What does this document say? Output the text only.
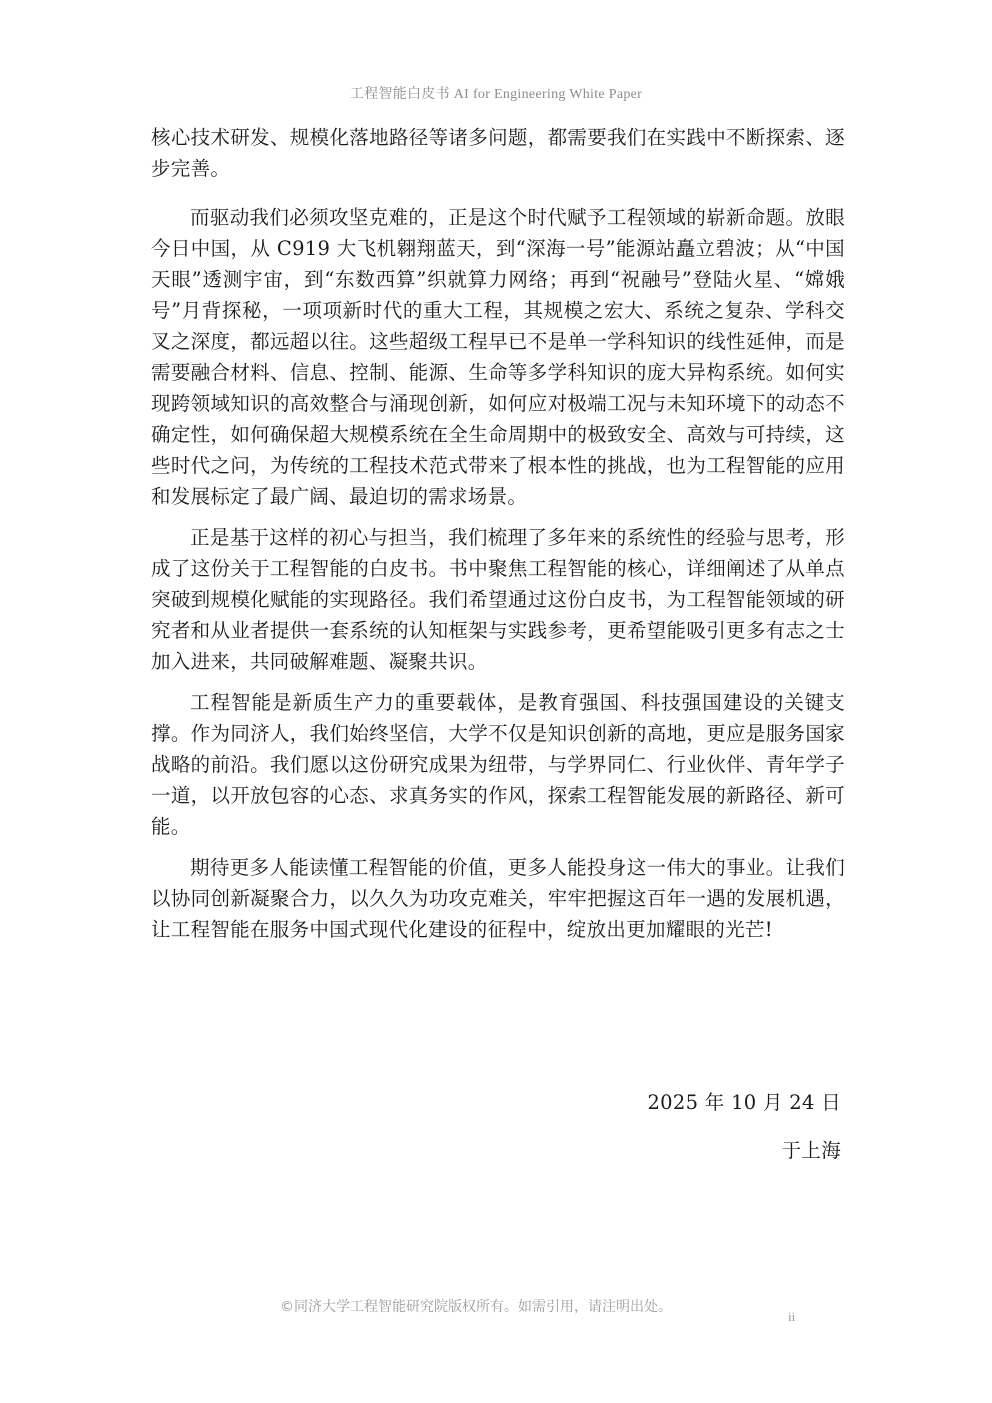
工程智能白皮书 AI for Engineering White Paper

核心技术研发、规模化落地路径等诸多问题，都需要我们在实践中不断探索、逐步完善。

而驱动我们必须攻坚克难的，正是这个时代赋予工程领域的崭新命题。放眼今日中国，从 C919 大飞机翱翔蓝天，到“深海一号”能源站矗立碧波；从“中国天眼”透测宇宙，到“东数西算”织就算力网络；再到“祝融号”登陆火星、“嫦娥号”月背探秘，一项项新时代的重大工程，其规模之宏大、系统之复杂、学科交叉之深度，都远超以往。这些超级工程早已不是单一学科知识的线性延伸，而是需要融合材料、信息、控制、能源、生命等多学科知识的庞大异构系统。如何实现跨领域知识的高效整合与涌现创新，如何应对极端工况与未知环境下的动态不确定性，如何确保超大规模系统在全生命周期中的极致安全、高效与可持续，这些时代之问，为传统的工程技术范式带来了根本性的挑战，也为工程智能的应用和发展标定了最广阔、最迫切的需求场景。

正是基于这样的初心与担当，我们梳理了多年来的系统性的经验与思考，形成了这份关于工程智能的白皮书。书中聚焦工程智能的核心，详细阐述了从单点突破到规模化赋能的实现路径。我们希望通过这份白皮书，为工程智能领域的研究者和从业者提供一套系统的认知框架与实践参考，更希望能吸引更多有志之士加入进来，共同破解难题、凝聚共识。

工程智能是新质生产力的重要载体，是教育强国、科技强国建设的关键支撑。作为同济人，我们始终坚信，大学不仅是知识创新的高地，更应是服务国家战略的前沿。我们愿以这份研究成果为纽带，与学界同仁、行业伙伴、青年学子一道，以开放包容的心态、求真务实的作风，探索工程智能发展的新路径、新可能。

期待更多人能读懂工程智能的价值，更多人能投身这一伟大的事业。让我们以协同创新凝聚合力，以久久为功攻克难关，牢牢把握这百年一遇的发展机遇，让工程智能在服务中国式现代化建设的征程中，绽放出更加耀眼的光芒!

2025 年 10 月 24 日
于上海
©同济大学工程智能研究院版权所有。如需引用，请注明出处。
ii
